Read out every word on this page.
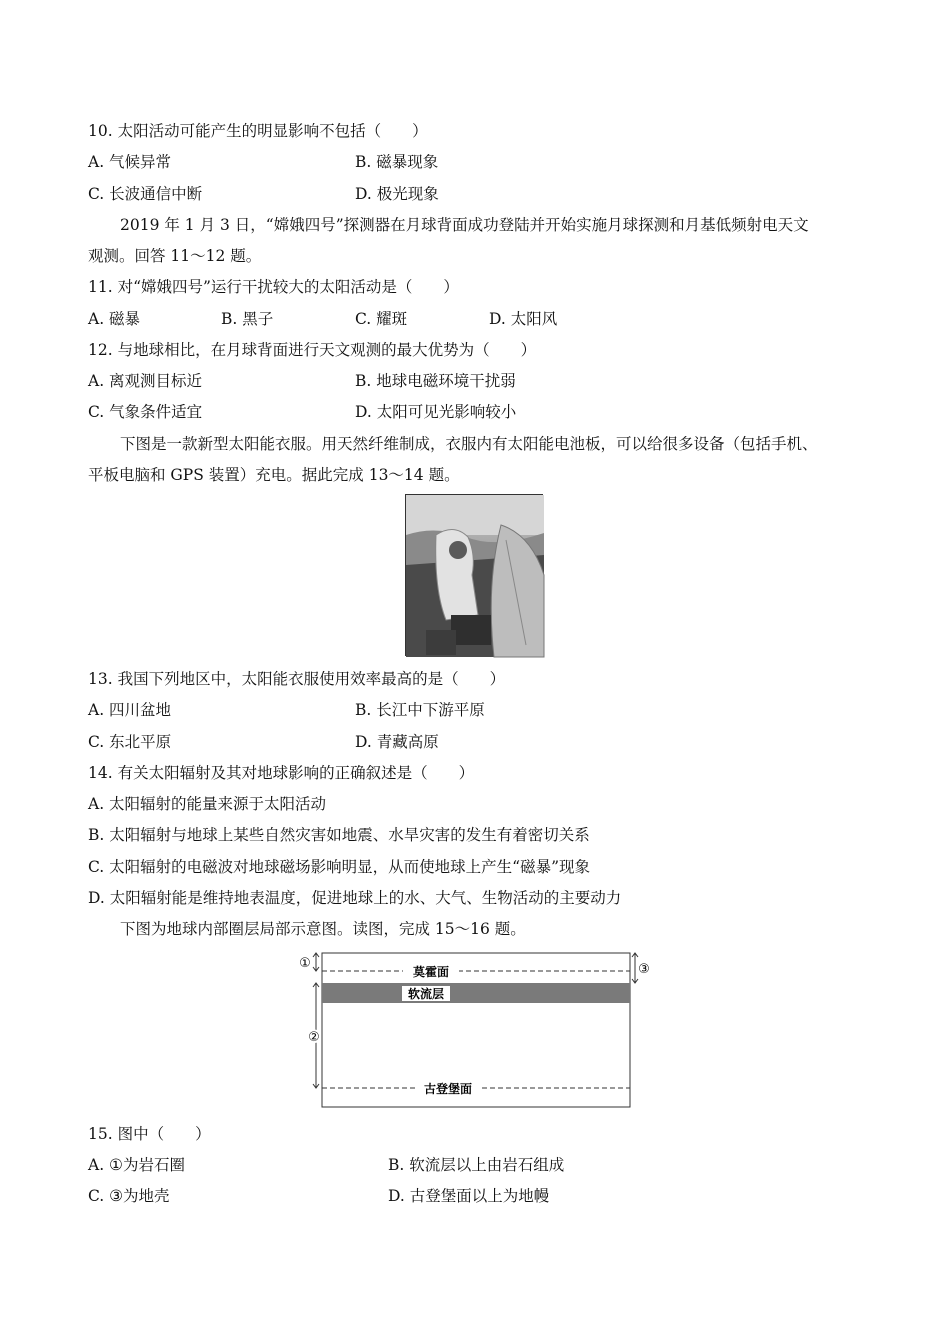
10. 太阳活动可能产生的明显影响不包括（　　）
A. 气候异常	B. 磁暴现象
C. 长波通信中断	D. 极光现象
2019 年 1 月 3 日，“嫦娥四号”探测器在月球背面成功登陆并开始实施月球探测和月基低频射电天文
观测。回答 11～12 题。
11. 对“嫦娥四号”运行干扰较大的太阳活动是（　　）
A. 磁暴	B. 黑子	C. 耀斑	D. 太阳风
12. 与地球相比，在月球背面进行天文观测的最大优势为（　　）
A. 离观测目标近	B. 地球电磁环境干扰弱
C. 气象条件适宜	D. 太阳可见光影响较小
下图是一款新型太阳能衣服。用天然纤维制成，衣服内有太阳能电池板，可以给很多设备（包括手机、
平板电脑和 GPS 装置）充电。据此完成 13～14 题。
13. 我国下列地区中，太阳能衣服使用效率最高的是（　　）
A. 四川盆地	B. 长江中下游平原
C. 东北平原	D. 青藏高原
14. 有关太阳辐射及其对地球影响的正确叙述是（　　）
A. 太阳辐射的能量来源于太阳活动
B. 太阳辐射与地球上某些自然灾害如地震、水旱灾害的发生有着密切关系
C. 太阳辐射的电磁波对地球磁场影响明显，从而使地球上产生“磁暴”现象
D. 太阳辐射能是维持地表温度，促进地球上的水、大气、生物活动的主要动力
下图为地球内部圈层局部示意图。读图，完成 15～16 题。
莫霍面
软流层
古登堡面
①
②
③
15. 图中（　　）
A. ①为岩石圈	B. 软流层以上由岩石组成
C. ③为地壳	D. 古登堡面以上为地幔
